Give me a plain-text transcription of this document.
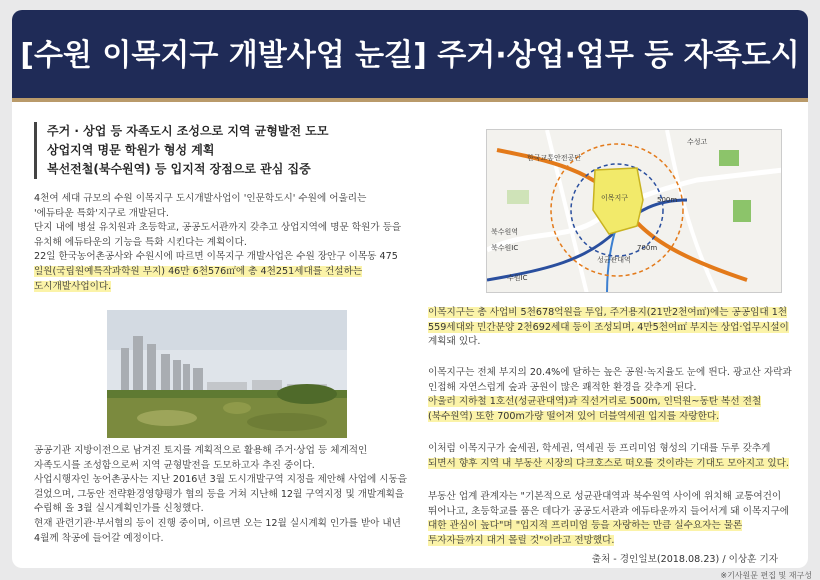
[수원 이목지구 개발사업 눈길] 주거·상업·업무 등 자족도시
주거 · 상업 등 자족도시 조성으로 지역 균형발전 도모
상업지역 명문 학원가 형성 계획
복선전철(북수원역) 등 입지적 장점으로 관심 집중
4천여 세대 규모의 수원 이목지구 도시개발사업이 '인문학도시' 수원에 어울리는
'에듀타운 특화'지구로 개발된다.
단지 내에 병설 유치원과 초등학교, 공공도서관까지 갖추고 상업지역에 명문 학원가 등을
유치해 에듀타운의 기능을 특화 시킨다는 계획이다.
22일 한국농어촌공사와 수원시에 따르면 이목지구 개발사업은 수원 장안구 이목동 475
일원(국립원예특작과학원 부지) 46만 6천576㎡에 총 4천251세대를 건설하는
도시개발사업이다.
공공기관 지방이전으로 남겨진 토지를 계획적으로 활용해 주거·상업 등 체계적인
자족도시를 조성함으로써 지역 균형발전을 도모하고자 추진 중이다.
사업시행자인 농어촌공사는 지난 2016년 3월 도시개발구역 지정을 제안해 사업에 시동을
걸었으며, 그동안 전략환경영향평가 협의 등을 거쳐 지난해 12월 구역지정 및 개발계획을
수립해 올 3월 실시계획인가를 신청했다.
현재 관련기관·부서협의 등이 진행 중이며, 이르면 오는 12월 실시계획 인가를 받아 내년
4월께 착공에 들어갈 예정이다.
이목지구	500m
700m
북수원역
성균관대역
북수원IC
수원IC
한국교통안전공단
수성고
이목지구는 총 사업비 5천678억원을 투입, 주거용지(21만2천여㎡)에는 공공임대 1천
559세대와 민간분양 2천692세대 등이 조성되며, 4만5천여㎡ 부지는 상업·업무시설이
계획돼 있다.
이목지구는 전체 부지의 20.4%에 달하는 높은 공원·녹지율도 눈에 띈다. 광교산 자락과
인접해 자연스럽게 숲과 공원이 많은 쾌적한 환경을 갖추게 된다.
아울러 지하철 1호선(성균관대역)과 직선거리로 500m, 인덕원~동탄 복선 전철
(북수원역) 또한 700m가량 떨어져 있어 더블역세권 입지를 자랑한다.
이처럼 이목지구가 숲세권, 학세권, 역세권 등 프리미엄 형성의 기대를 두루 갖추게
되면서 향후 지역 내 부동산 시장의 다크호스로 떠오를 것이라는 기대도 모아지고 있다.
부동산 업계 관계자는 "기본적으로 성균관대역과 북수원역 사이에 위치해 교통여건이
뛰어나고, 초등학교를 품은 데다가 공공도서관과 에듀타운까지 들어서게 돼 이목지구에
대한 관심이 높다"며 "입지적 프리미엄 등을 자랑하는 만큼 실수요자는 물론
투자자들까지 대거 몰릴 것"이라고 전망했다.
출처 - 경인일보(2018.08.23) / 이상훈 기자
※기사원문 편집 및 재구성
